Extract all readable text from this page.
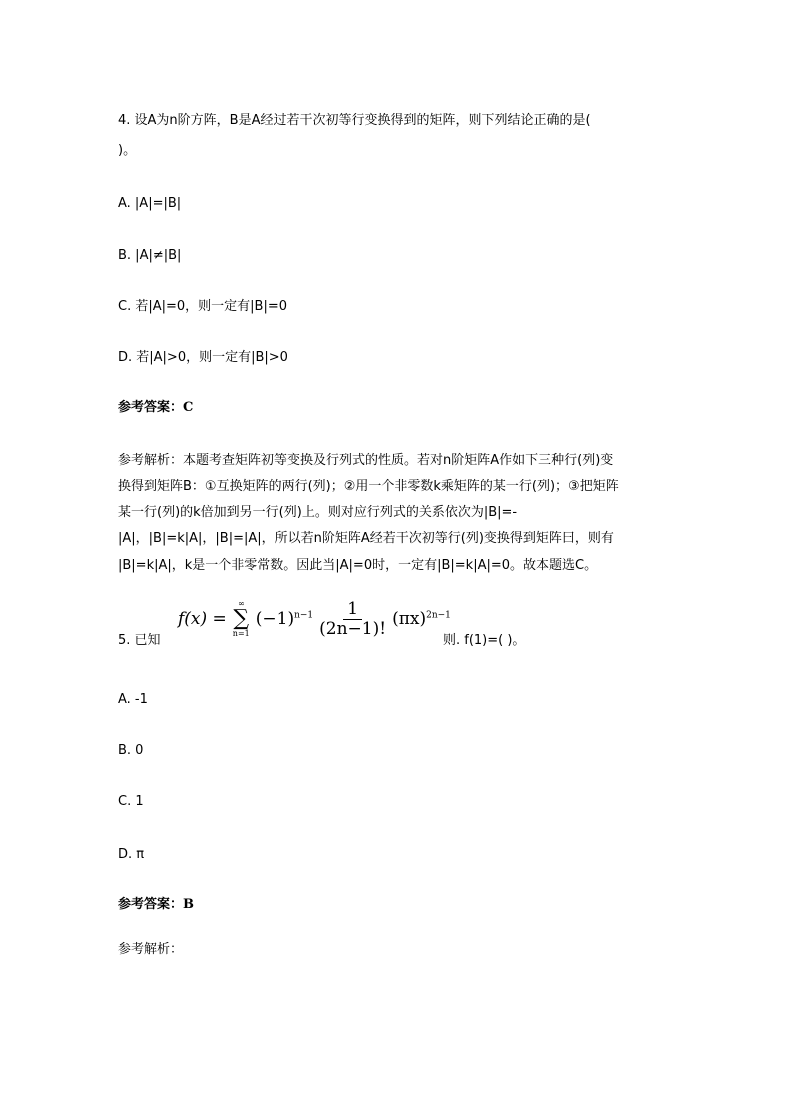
4. 设A为n阶方阵，B是A经过若干次初等行变换得到的矩阵，则下列结论正确的是(
)。
A. |A|=|B|
B. |A|≠|B|
C. 若|A|=0，则一定有|B|=0
D. 若|A|>0，则一定有|B|>0
参考答案：C
参考解析：本题考查矩阵初等变换及行列式的性质。若对n阶矩阵A作如下三种行(列)变
换得到矩阵B：①互换矩阵的两行(列)；②用一个非零数k乘矩阵的某一行(列)；③把矩阵
某一行(列)的k倍加到另一行(列)上。则对应行列式的关系依次为|B|=-
|A|，|B|=k|A|，|B|=|A|，所以若n阶矩阵A经若干次初等行(列)变换得到矩阵曰，则有
|B|=k|A|，k是一个非零常数。因此当|A|=0时，一定有|B|=k|A|=0。故本题选C。
5. 已知
f(x) =
∞
∑
n=1
$(-1)^{n-1} \frac{1}{(2n-1)!} (\pi x)^{2n-1}$
则. f(1)=( )。
A. -1
B. 0
C. 1
D. π
参考答案：B
参考解析：
